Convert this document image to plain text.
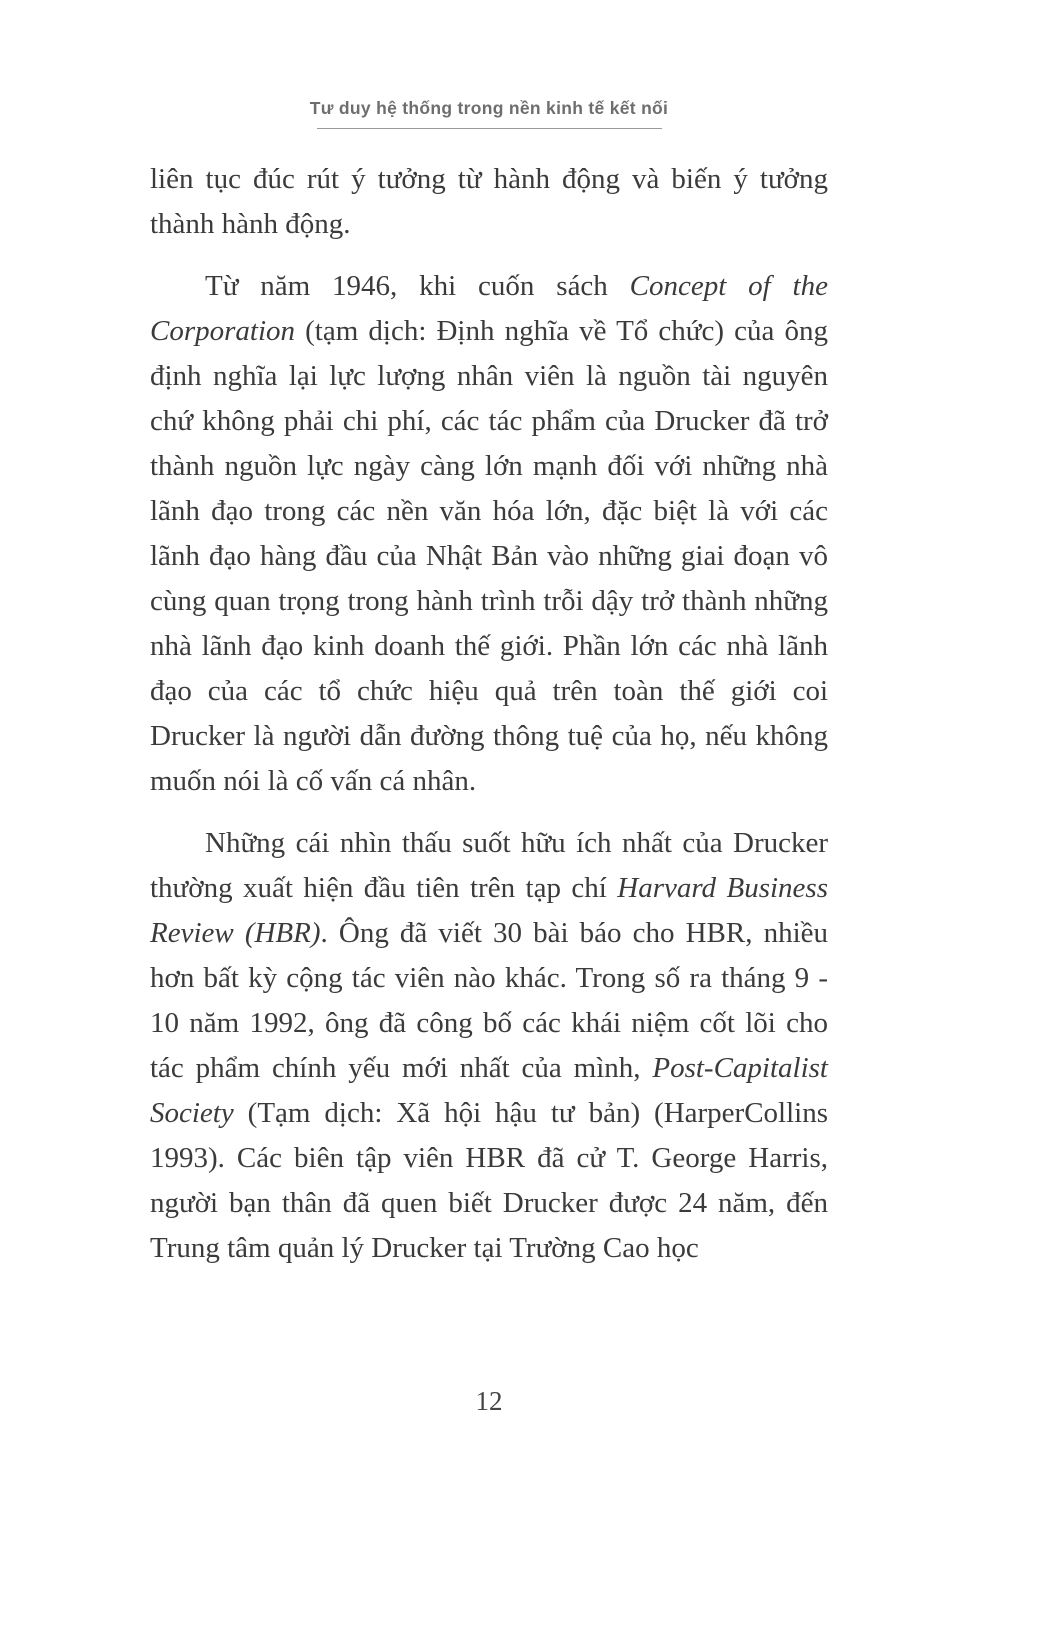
Tư duy hệ thống trong nền kinh tế kết nối

liên tục đúc rút ý tưởng từ hành động và biến ý tưởng thành hành động.

Từ năm 1946, khi cuốn sách Concept of the Corporation (tạm dịch: Định nghĩa về Tổ chức) của ông định nghĩa lại lực lượng nhân viên là nguồn tài nguyên chứ không phải chi phí, các tác phẩm của Drucker đã trở thành nguồn lực ngày càng lớn mạnh đối với những nhà lãnh đạo trong các nền văn hóa lớn, đặc biệt là với các lãnh đạo hàng đầu của Nhật Bản vào những giai đoạn vô cùng quan trọng trong hành trình trỗi dậy trở thành những nhà lãnh đạo kinh doanh thế giới. Phần lớn các nhà lãnh đạo của các tổ chức hiệu quả trên toàn thế giới coi Drucker là người dẫn đường thông tuệ của họ, nếu không muốn nói là cố vấn cá nhân.

Những cái nhìn thấu suốt hữu ích nhất của Drucker thường xuất hiện đầu tiên trên tạp chí Harvard Business Review (HBR). Ông đã viết 30 bài báo cho HBR, nhiều hơn bất kỳ cộng tác viên nào khác. Trong số ra tháng 9 - 10 năm 1992, ông đã công bố các khái niệm cốt lõi cho tác phẩm chính yếu mới nhất của mình, Post-Capitalist Society (Tạm dịch: Xã hội hậu tư bản) (HarperCollins 1993). Các biên tập viên HBR đã cử T. George Harris, người bạn thân đã quen biết Drucker được 24 năm, đến Trung tâm quản lý Drucker tại Trường Cao học

12
